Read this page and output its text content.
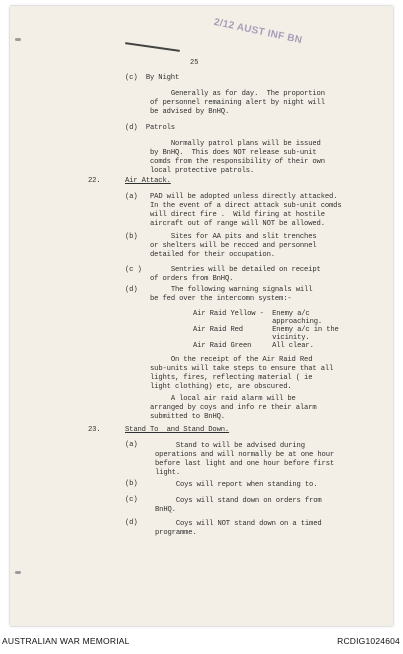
2/12 AUST INF BN
25
(c)  By Night
Generally as for day.  The proportion
of personnel remaining alert by night will
be advised by BnHQ.
(d)  Patrols
Normally patrol plans will be issued
by BnHQ.  This does NOT release sub-unit
comds from the responsibility of their own
local protective patrols.
22.
(a) PAD will be adopted unless directly attacked.
In the event of a direct attack sub-unit comds
will direct fire .  Wild firing at hostile
aircraft out of range will NOT be allowed.
(b) Sites for AA pits and slit trenches
or shelters will be recced and personnel
detailed for their occupation.
(c ) Sentries will be detailed on receipt
of orders from BnHQ.
(d) The following warning signals will
be fed over the intercomn system:-
Air Raid Yellow -  Enemy a/c
approaching.
Air Raid Red       Enemy a/c in the
vicinity.
Air Raid Green     All clear.
On the receipt of the Air Raid Red
sub-units will take steps to ensure that all
lights, fires, reflecting material ( ie
light clothing) etc, are obscured.
A local air raid alarm will be
arranged by coys and info re their alarm
submitted to BnHQ.
23.
(a) Stand to will be advised during
operations and will normally be at one hour
before last light and one hour before first
light.
(b) Coys will report when standing to.
(c) Coys will stand down on orders from
BnHQ.
(d) Coys will NOT stand down on a timed
programme.
Air Attack.
Stand To  and Stand Down.
AUSTRALIAN WAR MEMORIAL	RCDIG1024604
